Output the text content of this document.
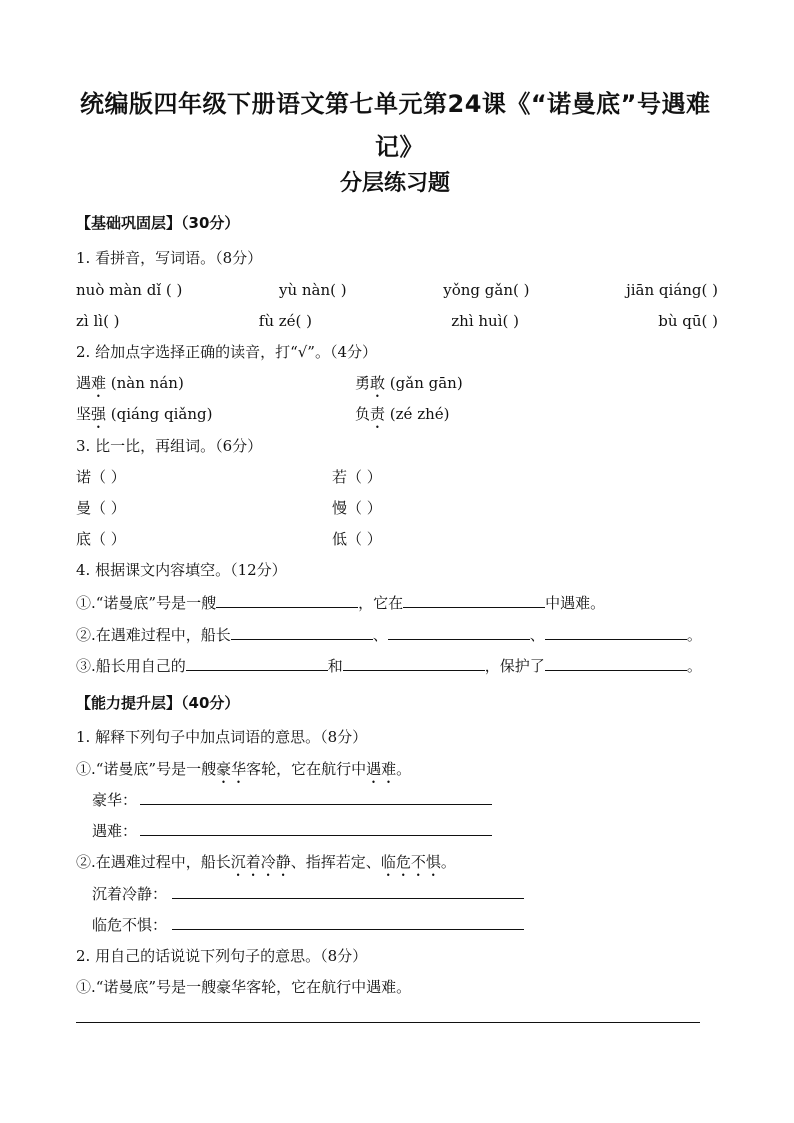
统编版四年级下册语文第七单元第24课《“诺曼底”号遇难
记》
分层练习题
【基础巩固层】（30分）
1. 看拼音，写词语。（8分）
nuò màn dǐ ( )	yù nàn( )	yǒng gǎn( )	jiān qiáng( )
zì lì( )	fù zé( )	zhì huì( )	bù qū( )
2. 给加点字选择正确的读音，打“√”。（4分）
遇难 (nàn nán)	勇敢 (gǎn gān)
坚强 (qiáng qiǎng)	负责 (zé zhé)
3. 比一比，再组词。（6分）
诺（ ）	若（ ）
曼（ ）	慢（ ）
底（ ）	低（ ）
4. 根据课文内容填空。（12分）
①.“诺曼底”号是一艘	，它在	中遇难。
②.在遇难过程中，船长	、	、	。
③.船长用自己的	和	，保护了	。
【能力提升层】（40分）
1. 解释下列句子中加点词语的意思。（8分）
①.“诺曼底”号是一艘豪华客轮，它在航行中遇难。
豪华：
遇难：
②.在遇难过程中，船长沉着冷静、指挥若定、临危不惧。
沉着冷静：
临危不惧：
2. 用自己的话说说下列句子的意思。（8分）
①.“诺曼底”号是一艘豪华客轮，它在航行中遇难。
